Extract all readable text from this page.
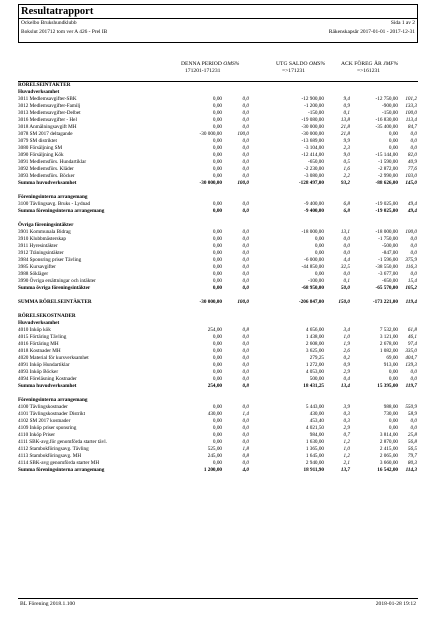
Resultatrapport
Ockelbo Brukshundklubb	Sida 1 av 2
Bokslut 201712 tom ver A 426 - Prel IB	Räkenskapsår 2017-01-01 - 2017-12-31
DENNA PERIOD OMS%
171201-171231
UTG SALDO OMS%
=>171231
ACK FÖREG ÅR JMF%
=>161231
RÖRELSEINTÄKTER
Huvudverksamhet
3011 Medlemsavgifter-SBK	0,00	0,0	-12 900,00	9,4	-12 750,00 101,2
3012 Medlemsavgifter-Familj	0,00	0,0	-1 200,00	0,9	-900,00 133,3
3013 Medlemsavgifter-Delbet	0,00	0,0	-150,00	0,1	-150,00 100,0
3016 Medlemsavgifter - Hel	0,00	0,0	-19 080,00	13,8	-16 830,00 113,4
3018 Anmälningsavgift MH	0,00	0,0	-30 000,00	21,8	-35 400,00 84,7
3078 SM 2017 deltagande	-30 000,00	100,0	-30 000,00	21,8	0,00 0,0
3079 SM distriktet	0,00	0,0	-13 689,00	9,9	0,00 0,0
3080 Försäljning SM	0,00	0,0	-3 104,00	2,3	0,00 0,0
3090 Försäljning Kök	0,00	0,0	-12 414,00	9,0	-15 144,00 82,0
3091 Medlemsförs. Hundartiklar	0,00	0,0	-650,00	0,5	-1 590,00 40,9
3092 Medlemsförs. Kläder	0,00	0,0	-2 230,00	1,6	-2 872,00 77,6
3093 Medlemsförs. Böcker	0,00	0,0	-3 080,00	2,2	-2 990,00 103,0
Summa huvudverksamhet	-30 000,00	100,0	-128 497,00	93,2	-88 626,00 145,0
Föreningsinterna arrangemang
3100 Tävlingsavg. Bruks - Lydnad	0,00	0,0	-9 400,00	6,8	-19 025,00 49,4
Summa föreningsinterna arrangemang	0,00	0,0	-9 400,00	6,8	-19 025,00 49,4
Övriga föreningsintäkter
3901 Kommunala Bidrag	0,00	0,0	-18 000,00	13,1	-18 000,00 100,0
3910 Klubbmästerskap	0,00	0,0	0,00	0,0	-1 750,00 0,0
3911 Hyresintäkter	0,00	0,0	0,00	0,0	-500,00 0,0
3912 Träningsintäkter	0,00	0,0	0,00	0,0	-847,00 0,0
3984 Sponsring priser Tävling	0,00	0,0	-6 000,00	4,4	-1 596,00 375,9
3985 Kursavgifter	0,00	0,0	-44 850,00	32,5	-38 550,00 116,3
3988 Sökläger	0,00	0,0	0,00	0,0	-3 677,00 0,0
3990 Övriga ersättningar och intäkter	0,00	0,0	-100,00	0,1	-650,00 15,4
Summa övriga föreningsintäkter	0,00	0,0	-68 950,00	50,0	-65 570,00 105,2
SUMMA RÖRELSEINTÄKTER	-30 000,00	100,0	-206 847,00	150,0	-173 221,00 119,4
RÖRELSEKOSTNADER
Huvudverksamhet
4010 Inköp kök	254,00	0,8	4 656,00	3,4	7 532,00 61,8
4015 Förtäring Tävling	0,00	0,0	1 438,00	1,0	3 121,00 46,1
4016 Förtäring MH	0,00	0,0	2 608,00	1,9	2 678,00 97,4
4018 Kostnader MH	0,00	0,0	3 625,00	2,6	1 082,00 335,0
4020 Material för kursverksamhet	0,00	0,0	279,25	0,2	69,00 404,7
4091 Inköp Hundartiklar	0,00	0,0	1 272,00	0,9	913,00 139,3
4093 Inköp Böcker	0,00	0,0	4 053,00	2,9	0,00 0,0
4094 Föreläsning Kostnader	0,00	0,0	500,00	0,4	0,00 0,0
Summa huvudverksamhet	254,00	0,8	18 431,25	13,4	15 395,00 119,7
Föreningsinterna arrangemang
4100 Tävlingskostnader	0,00	0,0	5 443,00	3,9	988,00 550,9
4101 Tävlingskostnader Distrikt	430,00	1,4	430,00	0,3	730,00 58,9
4102 SM 2017 kostnader	0,00	0,0	453,40	0,3	0,00 0,0
4109 Inköp priser sponsring	0,00	0,0	4 021,50	2,9	0,00 0,0
4110 Inköp Priser	0,00	0,0	984,00	0,7	3 814,00 25,8
4111 SBK-avg.för genomförda starter tävl.	0,00	0,0	1 630,00	1,2	2 870,00 56,8
4112 Stambokföringsavg. Tävling	525,00	1,8	1 365,00	1,0	2 415,00 56,5
4113 Stambokföringsavg. MH	245,00	0,8	1 645,00	1,2	2 065,00 79,7
4114 SBK-avg genomförda starter MH	0,00	0,0	2 940,00	2,1	3 660,00 80,3
Summa föreningsinterna arrangemang	1 200,00	4,0	18 911,90	13,7	16 542,00 114,3
BL Förening 2018.1.100	2018-01-28 19:12
